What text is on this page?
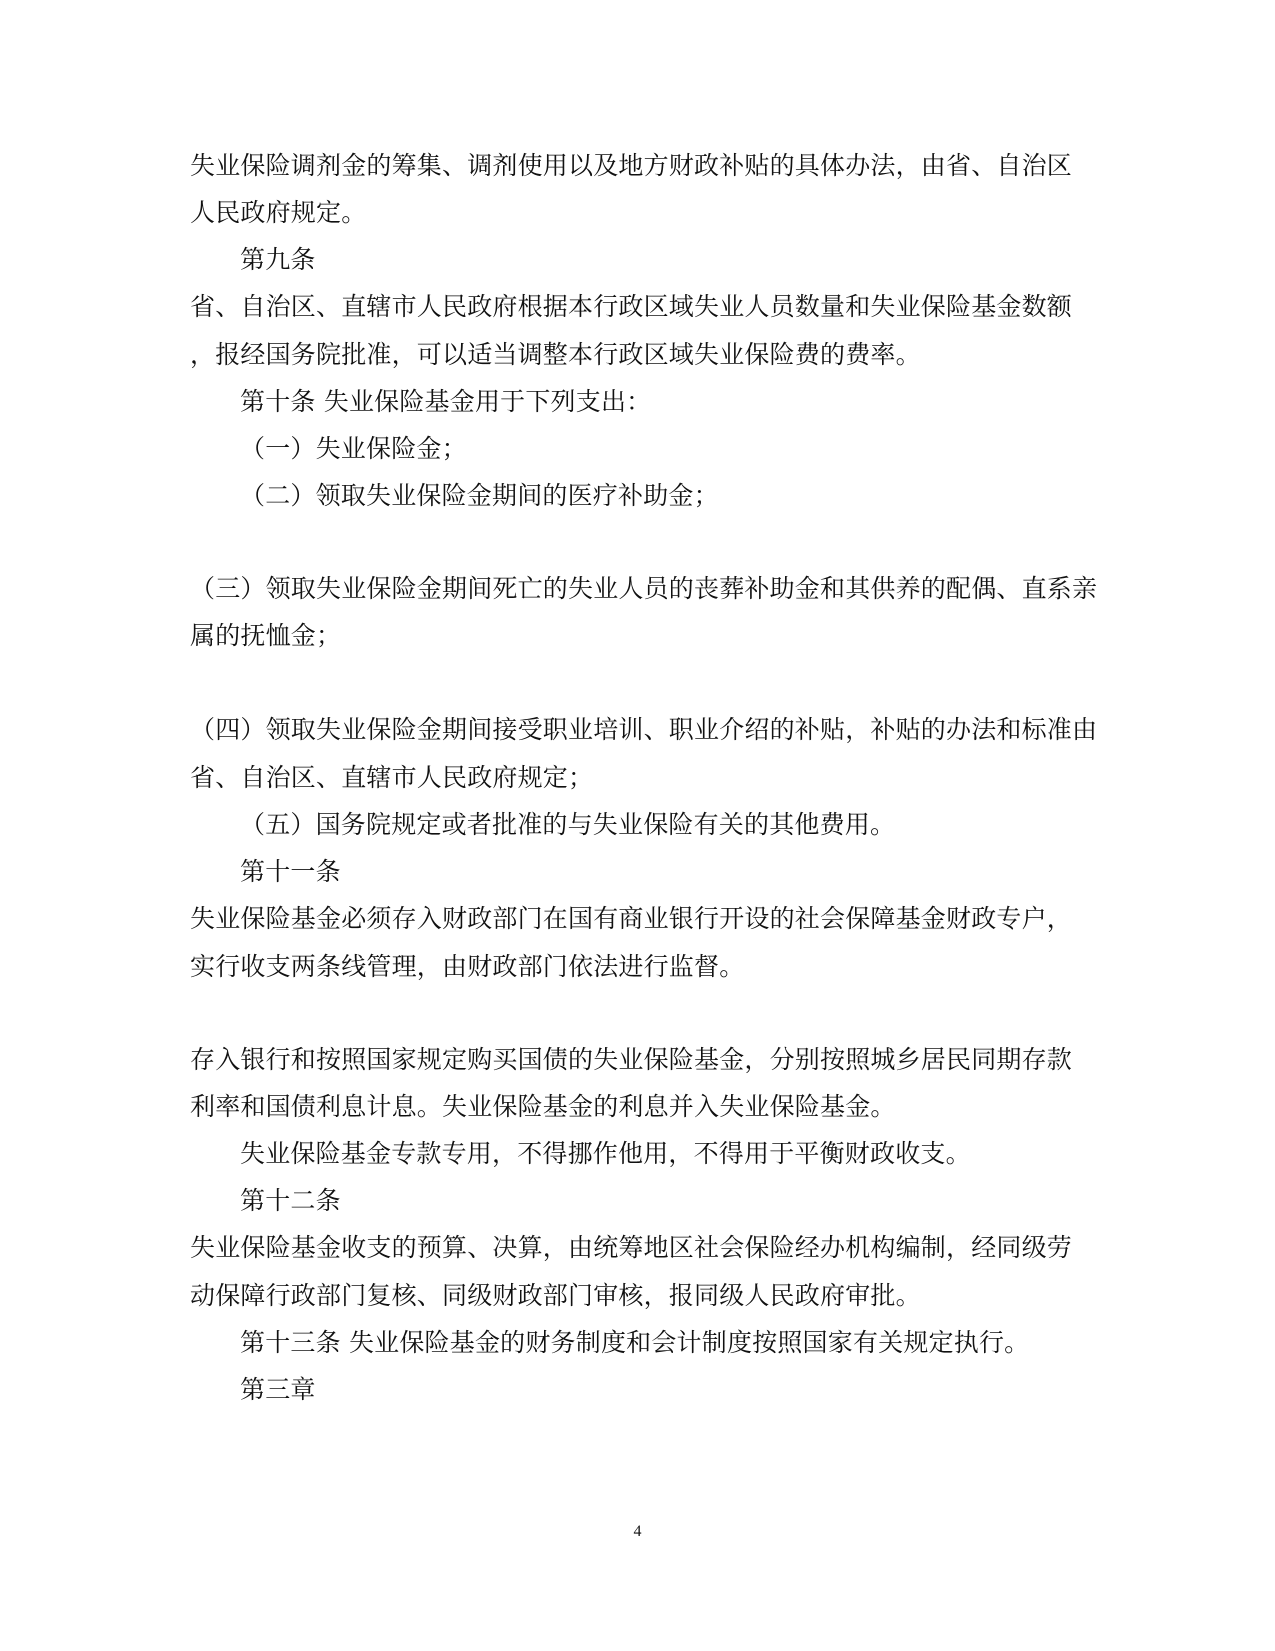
失业保险调剂金的筹集、调剂使用以及地方财政补贴的具体办法，由省、自治区
人民政府规定。
第九条
省、自治区、直辖市人民政府根据本行政区域失业人员数量和失业保险基金数额
，报经国务院批准，可以适当调整本行政区域失业保险费的费率。
第十条 失业保险基金用于下列支出：
（一）失业保险金；
（二）领取失业保险金期间的医疗补助金；
（三）领取失业保险金期间死亡的失业人员的丧葬补助金和其供养的配偶、直系亲
属的抚恤金；
（四）领取失业保险金期间接受职业培训、职业介绍的补贴，补贴的办法和标准由
省、自治区、直辖市人民政府规定；
（五）国务院规定或者批准的与失业保险有关的其他费用。
第十一条
失业保险基金必须存入财政部门在国有商业银行开设的社会保障基金财政专户，
实行收支两条线管理，由财政部门依法进行监督。
存入银行和按照国家规定购买国债的失业保险基金，分别按照城乡居民同期存款
利率和国债利息计息。失业保险基金的利息并入失业保险基金。
失业保险基金专款专用，不得挪作他用，不得用于平衡财政收支。
第十二条
失业保险基金收支的预算、决算，由统筹地区社会保险经办机构编制，经同级劳
动保障行政部门复核、同级财政部门审核，报同级人民政府审批。
第十三条 失业保险基金的财务制度和会计制度按照国家有关规定执行。
第三章
4
